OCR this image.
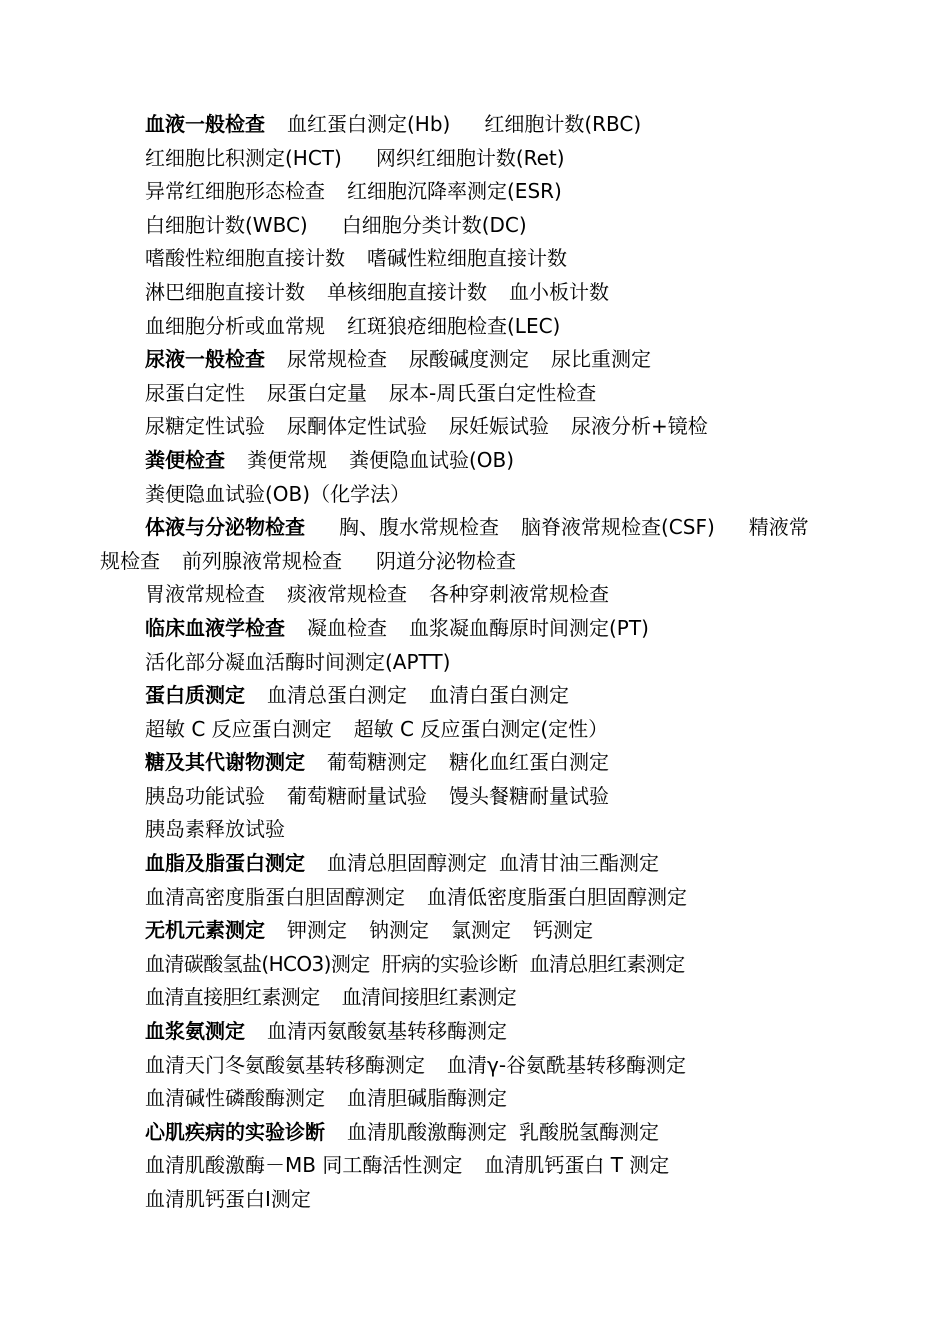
血液一般检查 血红蛋白测定(Hb) 红细胞计数(RBC)
红细胞比积测定(HCT) 网织红细胞计数(Ret)
异常红细胞形态检查 红细胞沉降率测定(ESR)
白细胞计数(WBC) 白细胞分类计数(DC)
嗜酸性粒细胞直接计数 嗜碱性粒细胞直接计数
淋巴细胞直接计数 单核细胞直接计数 血小板计数
血细胞分析或血常规 红斑狼疮细胞检查(LEC)
尿液一般检查 尿常规检查 尿酸碱度测定 尿比重测定
尿蛋白定性 尿蛋白定量 尿本-周氏蛋白定性检查
尿糖定性试验 尿酮体定性试验 尿妊娠试验 尿液分析+镜检
粪便检查 粪便常规 粪便隐血试验(OB)
粪便隐血试验(OB)（化学法）
体液与分泌物检查 胸、腹水常规检查 脑脊液常规检查(CSF) 精液常
规检查 前列腺液常规检查 阴道分泌物检查
胃液常规检查 痰液常规检查 各种穿刺液常规检查
临床血液学检查 凝血检查 血浆凝血酶原时间测定(PT)
活化部分凝血活酶时间测定(APTT)
蛋白质测定 血清总蛋白测定 血清白蛋白测定
超敏 C 反应蛋白测定 超敏 C 反应蛋白测定(定性）
糖及其代谢物测定 葡萄糖测定 糖化血红蛋白测定
胰岛功能试验 葡萄糖耐量试验 馒头餐糖耐量试验
胰岛素释放试验
血脂及脂蛋白测定 血清总胆固醇测定 血清甘油三酯测定
血清高密度脂蛋白胆固醇测定 血清低密度脂蛋白胆固醇测定
无机元素测定 钾测定 钠测定 氯测定 钙测定
血清碳酸氢盐(HCO3)测定 肝病的实验诊断 血清总胆红素测定
血清直接胆红素测定 血清间接胆红素测定
血浆氨测定 血清丙氨酸氨基转移酶测定
血清天门冬氨酸氨基转移酶测定 血清γ-谷氨酰基转移酶测定
血清碱性磷酸酶测定 血清胆碱脂酶测定
心肌疾病的实验诊断 血清肌酸激酶测定 乳酸脱氢酶测定
血清肌酸激酶－MB 同工酶活性测定 血清肌钙蛋白 T 测定
血清肌钙蛋白Ⅰ测定
